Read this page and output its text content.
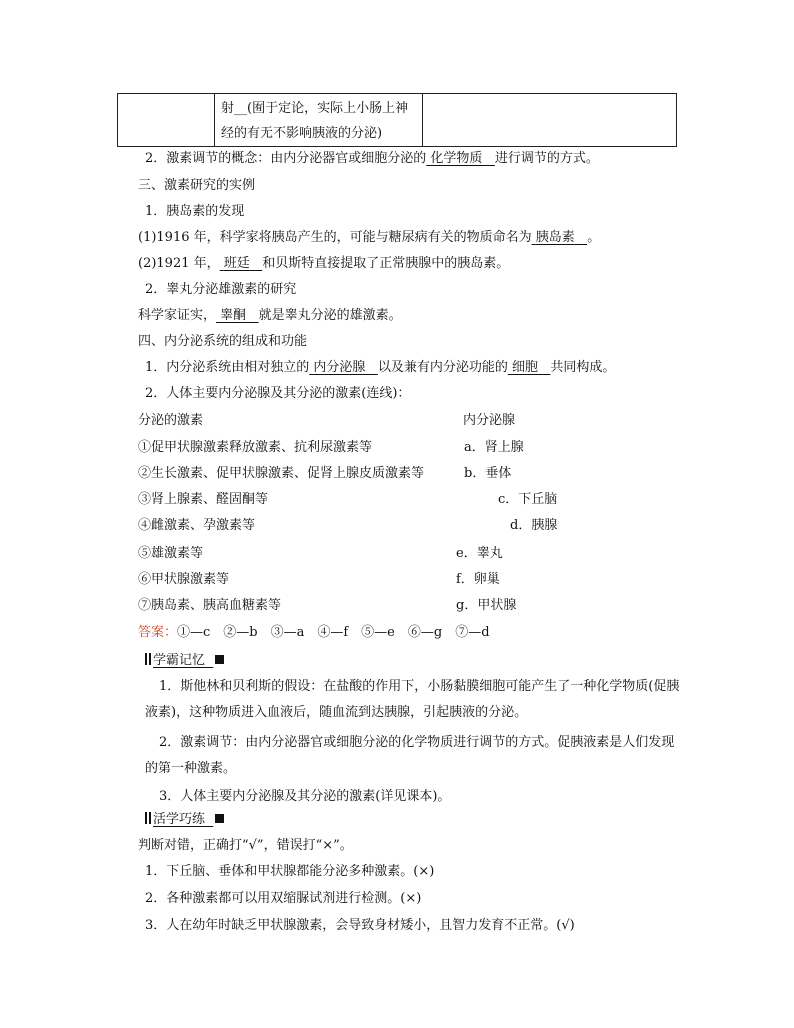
射__(囿于定论，实际上小肠上神
经的有无不影响胰液的分泌)
2．激素调节的概念：由内分泌器官或细胞分泌的 化学物质 进行调节的方式。
三、激素研究的实例
1．胰岛素的发现
(1)1916 年，科学家将胰岛产生的，可能与糖尿病有关的物质命名为 胰岛素 。
(2)1921 年， 班廷 和贝斯特直接提取了正常胰腺中的胰岛素。
2．睾丸分泌雄激素的研究
科学家证实， 睾酮 就是睾丸分泌的雄激素。
四、内分泌系统的组成和功能
1．内分泌系统由相对独立的 内分泌腺 以及兼有内分泌功能的 细胞 共同构成。
2．人体主要内分泌腺及其分泌的激素(连线)：
分泌的激素	内分泌腺
①促甲状腺激素释放激素、抗利尿激素等
②生长激素、促甲状腺激素、促肾上腺皮质激素等
③肾上腺素、醛固酮等
④雌激素、孕激素等
⑤雄激素等
⑥甲状腺激素等
⑦胰岛素、胰高血糖素等
a．肾上腺
b．垂体
c．下丘脑
d．胰腺
e．睾丸
f．卵巢
g．甲状腺
答案：①—c　②—b　③—a　④—f　⑤—e　⑥—g　⑦—d
学霸记忆
1．斯他林和贝利斯的假设：在盐酸的作用下，小肠黏膜细胞可能产生了一种化学物质(促胰液素)，这种物质进入血液后，随血流到达胰腺，引起胰液的分泌。
2．激素调节：由内分泌器官或细胞分泌的化学物质进行调节的方式。促胰液素是人们发现的第一种激素。
3．人体主要内分泌腺及其分泌的激素(详见课本)。
活学巧练
判断对错，正确打“√”，错误打“×”。
1．下丘脑、垂体和甲状腺都能分泌多种激素。(×)
2．各种激素都可以用双缩脲试剂进行检测。(×)
3．人在幼年时缺乏甲状腺激素，会导致身材矮小，且智力发育不正常。(√)
